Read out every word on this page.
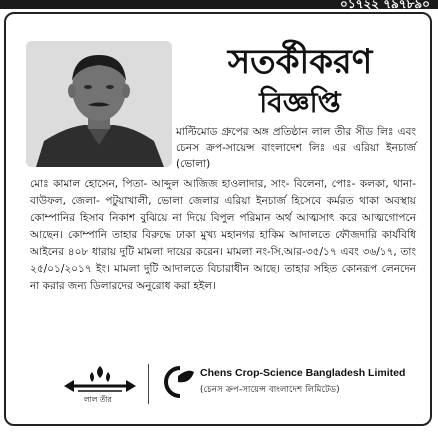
০১৭২২ ৭৯৭৮৯০
সতর্কীকরণ
বিজ্ঞপ্তি
মাল্টিমোড গ্রুপের অঙ্গ প্রতিষ্ঠান লাল তীর সীড লিঃ এবং চেনস ক্রপ-সায়েন্স বাংলাদেশ লিঃ এর এরিয়া ইনচার্জ (ভোলা)
মোঃ কামাল হোসেন, পিতা- আব্দুল আজিজ হাওলাদার, সাং- বিলেনা, পোঃ- কলকা, থানা- বাউফল, জেলা- পটুয়াখালী, ভোলা জেলার এরিয়া ইনচার্জ হিসেবে কর্মরত থাকা অবস্থায় কোম্পানির হিসাব নিকাশ বুঝিয়ে না দিয়ে বিপুল পরিমান অর্থ আত্মসাৎ করে আত্মগোপনে আছেন। কোম্পানি তাহার বিরুদ্ধে ঢাকা মুখ্য মহানগর হাকিম আদালতে ফৌজদারি কার্যবিধি আইনের ৪০৮ ধারায় দুটি মামলা দায়ের করেন। মামলা নং-সি.আর-৩৫/১৭ এবং ৩৬/১৭, তাং ২৫/০১/২০১৭ ইং। মামলা দুটি আদালতে বিচারাধীন আছে। তাহার সহিত কোনরূপ লেনদেন না করার জন্য ডিলারদের অনুরোধ করা হইল।
লাল তীর
Chens Crop-Science Bangladesh Limited
(চেনস ক্রপ-সায়েন্স বাংলাদেশ লিমিটেড)
